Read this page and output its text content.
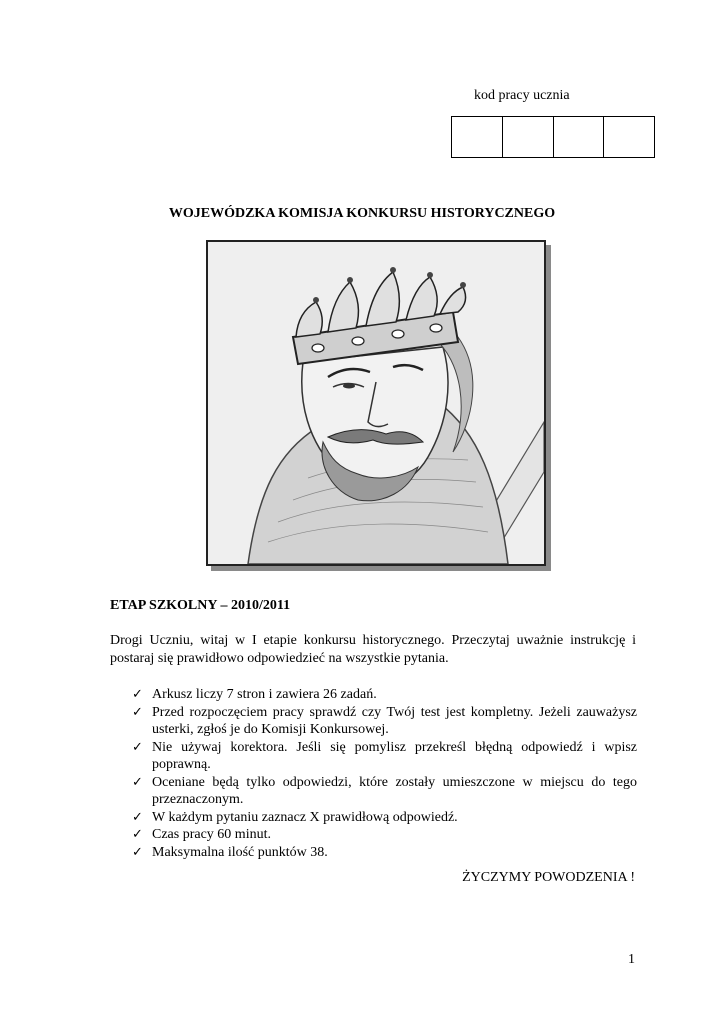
kod pracy ucznia
WOJEWÓDZKA KOMISJA KONKURSU HISTORYCZNEGO
ETAP SZKOLNY – 2010/2011
Drogi Uczniu, witaj w I etapie konkursu historycznego. Przeczytaj uważnie instrukcję i postaraj się prawidłowo odpowiedzieć na wszystkie pytania.
✓ Arkusz liczy 7 stron i zawiera 26 zadań.
✓ Przed rozpoczęciem pracy sprawdź czy Twój test jest kompletny. Jeżeli zauważysz usterki, zgłoś je do Komisji Konkursowej.
✓ Nie używaj korektora. Jeśli się pomylisz przekreśl błędną odpowiedź i wpisz poprawną.
✓ Oceniane będą tylko odpowiedzi, które zostały umieszczone w miejscu do tego przeznaczonym.
✓ W każdym pytaniu zaznacz X prawidłową odpowiedź.
✓ Czas pracy 60 minut.
✓ Maksymalna ilość punktów 38.
ŻYCZYMY POWODZENIA !
1
